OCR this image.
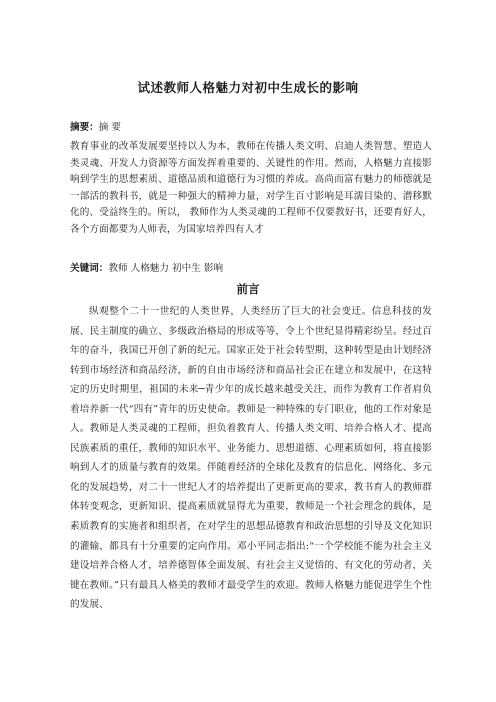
试述教师人格魅力对初中生成长的影响

摘要：摘 要

教育事业的改革发展要坚持以人为本，教师在传播人类文明、启迪人类智慧、塑造人类灵魂、开发人力资源等方面发挥着重要的、关键性的作用。然而，人格魅力直接影响到学生的思想素质、道德品质和道德行为习惯的养成。高尚而富有魅力的师德就是一部活的教科书，就是一种强大的精神力量，对学生百寸影响是耳濡目染的、潜移默化的、受益终生的。所以， 教师作为人类灵魂的工程师不仅要教好书，还要育好人，各个方面都要为人师表，为国家培养四有人才

关键词：教师 人格魅力 初中生 影响

前言

纵观整个二十一世纪的人类世界，人类经历了巨大的社会变迁。信息科技的发展、民主制度的确立、多级政治格局的形成等等，令上个世纪显得精彩纷呈。经过百年的奋斗，我国已开创了新的纪元。国家正处于社会转型期，这种转型是由计划经济转到市场经济和商品经济，新的自由市场经济和商品社会正在建立和发展中，在这特定的历史时期里，祖国的未来─青少年的成长越来越受关注，而作为教育工作者肩负着培养新一代“四有”青年的历史使命。教师是一种特殊的专门职业，他的工作对象是人。教师是人类灵魂的工程师，担负着教育人、传播人类文明、培养合格人才、提高民族素质的重任，教师的知识水平、业务能力、思想道德、心理素质如何，将直接影响到人才的质量与教育的效果。伴随着经济的全球化及教育的信息化、网络化、多元化的发展趋势，对二十一世纪人才的培养提出了更新更高的要求，教书育人的教师群体转变观念，更新知识、提高素质就显得尤为重要，教师是一个社会理念的载体，是素质教育的实施者和组织者，在对学生的思想品德教育和政治思想的引导及文化知识的灌输，都具有十分重要的定向作用。邓小平同志指出:“一个学校能不能为社会主义建设培养合格人才，培养德智体全面发展、有社会主义觉悟的、有文化的劳动者，关键在教师。”只有最具人格美的教师才最受学生的欢迎。教师人格魅力能促进学生个性的发展、
